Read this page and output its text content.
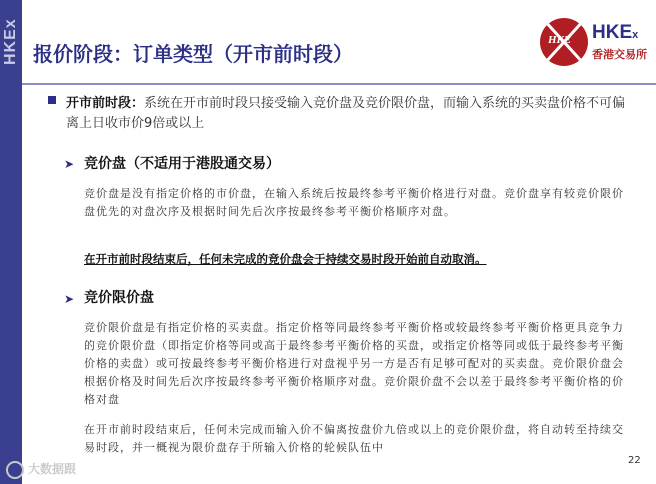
HKEx 报价阶段：订单类型（开市前时段）
HKE HKEx
香港交易所
开市前时段：系统在开市前时段只接受输入竞价盘及竞价限价盘，而输入系统的买卖盘价格不可偏离上日收市价9倍或以上
➤ 竞价盘（不适用于港股通交易）
竞价盘是没有指定价格的市价盘，在输入系统后按最终参考平衡价格进行对盘。竞价盘享有较竞价限价盘优先的对盘次序及根据时间先后次序按最终参考平衡价格顺序对盘。
在开市前时段结束后，任何未完成的竞价盘会于持续交易时段开始前自动取消。
➤ 竞价限价盘
竞价限价盘是有指定价格的买卖盘。指定价格等同最终参考平衡价格或较最终参考平衡价格更具竞争力的竞价限价盘（即指定价格等同或高于最终参考平衡价格的买盘，或指定价格等同或低于最终参考平衡价格的卖盘）或可按最终参考平衡价格进行对盘视乎另一方是否有足够可配对的买卖盘。竞价限价盘会根据价格及时间先后次序按最终参考平衡价格顺序对盘。竞价限价盘不会以差于最终参考平衡价格的价格对盘
在开市前时段结束后，任何未完成而输入价不偏离按盘价九倍或以上的竞价限价盘，将自动转至持续交易时段，并一概视为限价盘存于所输入价格的轮候队伍中
22
大数据跟
